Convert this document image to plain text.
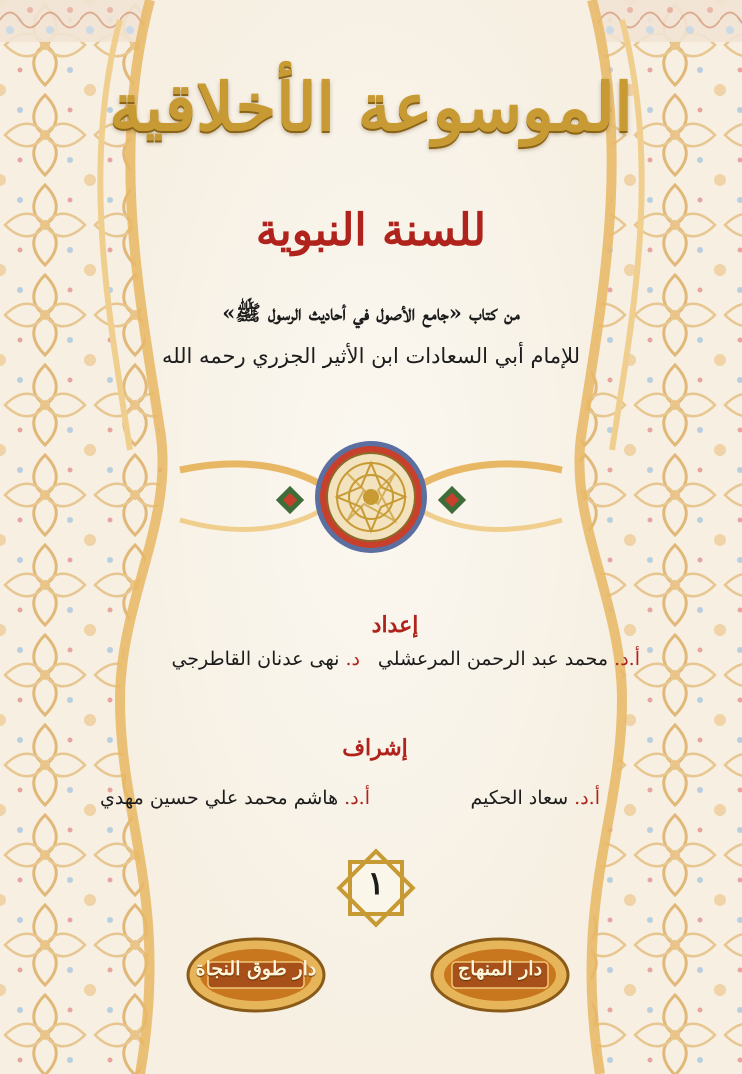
الموسوعة الأخلاقية
للسنة النبوية
من كتاب «جامع الأصول في أحاديث الرسول ﷺ»
للإمام أبي السعادات ابن الأثير الجزري رحمه الله
إعداد
أ.د. محمد عبد الرحمن المرعشلي
د. نهى عدنان القاطرجي
إشراف
أ.د. سعاد الحكيم
أ.د. هاشم محمد علي حسين مهدي
١
دار طوق النجاة	دار المنهاج
